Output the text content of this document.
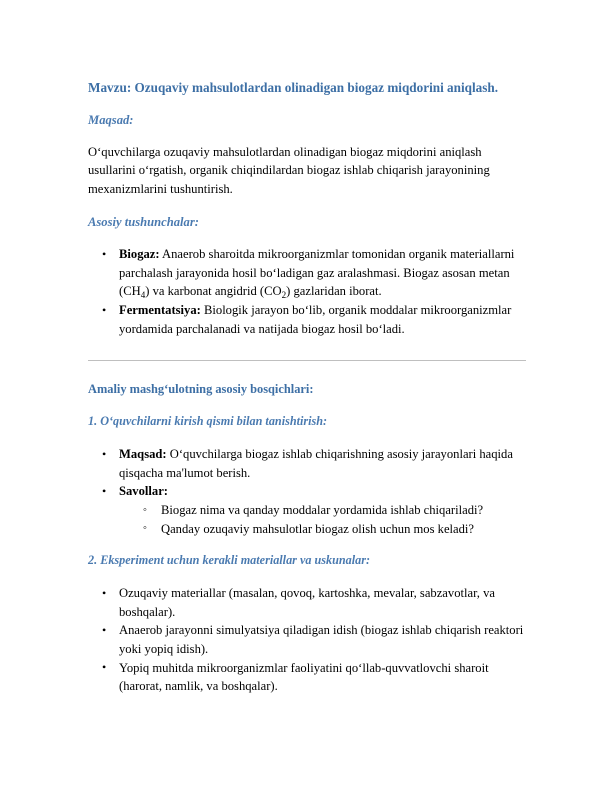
Mavzu: Ozuqaviy mahsulotlardan olinadigan biogaz miqdorini aniqlash.

Maqsad:

O‘quvchilarga ozuqaviy mahsulotlardan olinadigan biogaz miqdorini aniqlash usullarini o‘rgatish, organik chiqindilardan biogaz ishlab chiqarish jarayonining mexanizmlarini tushuntirish.

Asosiy tushunchalar:

• Biogaz: Anaerob sharoitda mikroorganizmlar tomonidan organik materiallarni parchalash jarayonida hosil bo‘ladigan gaz aralashmasi. Biogaz asosan metan $(CH_4)$ va karbonat angidrid $(CO_2)$ gazlaridan iborat.
• Fermentatsiya: Biologik jarayon bo‘lib, organik moddalar mikroorganizmlar yordamida parchalanadi va natijada biogaz hosil bo‘ladi.

Amaliy mashg‘ulotning asosiy bosqichlari:

1. O‘quvchilarni kirish qismi bilan tanishtirish:

• Maqsad: O‘quvchilarga biogaz ishlab chiqarishning asosiy jarayonlari haqida qisqacha ma'lumot berish.
• Savollar:
◦ Biogaz nima va qanday moddalar yordamida ishlab chiqariladi?
◦ Qanday ozuqaviy mahsulotlar biogaz olish uchun mos keladi?

2. Eksperiment uchun kerakli materiallar va uskunalar:

• Ozuqaviy materiallar (masalan, qovoq, kartoshka, mevalar, sabzavotlar, va boshqalar).
• Anaerob jarayonni simulyatsiya qiladigan idish (biogaz ishlab chiqarish reaktori yoki yopiq idish).
• Yopiq muhitda mikroorganizmlar faoliyatini qo‘llab-quvvatlovchi sharoit (harorat, namlik, va boshqalar).
